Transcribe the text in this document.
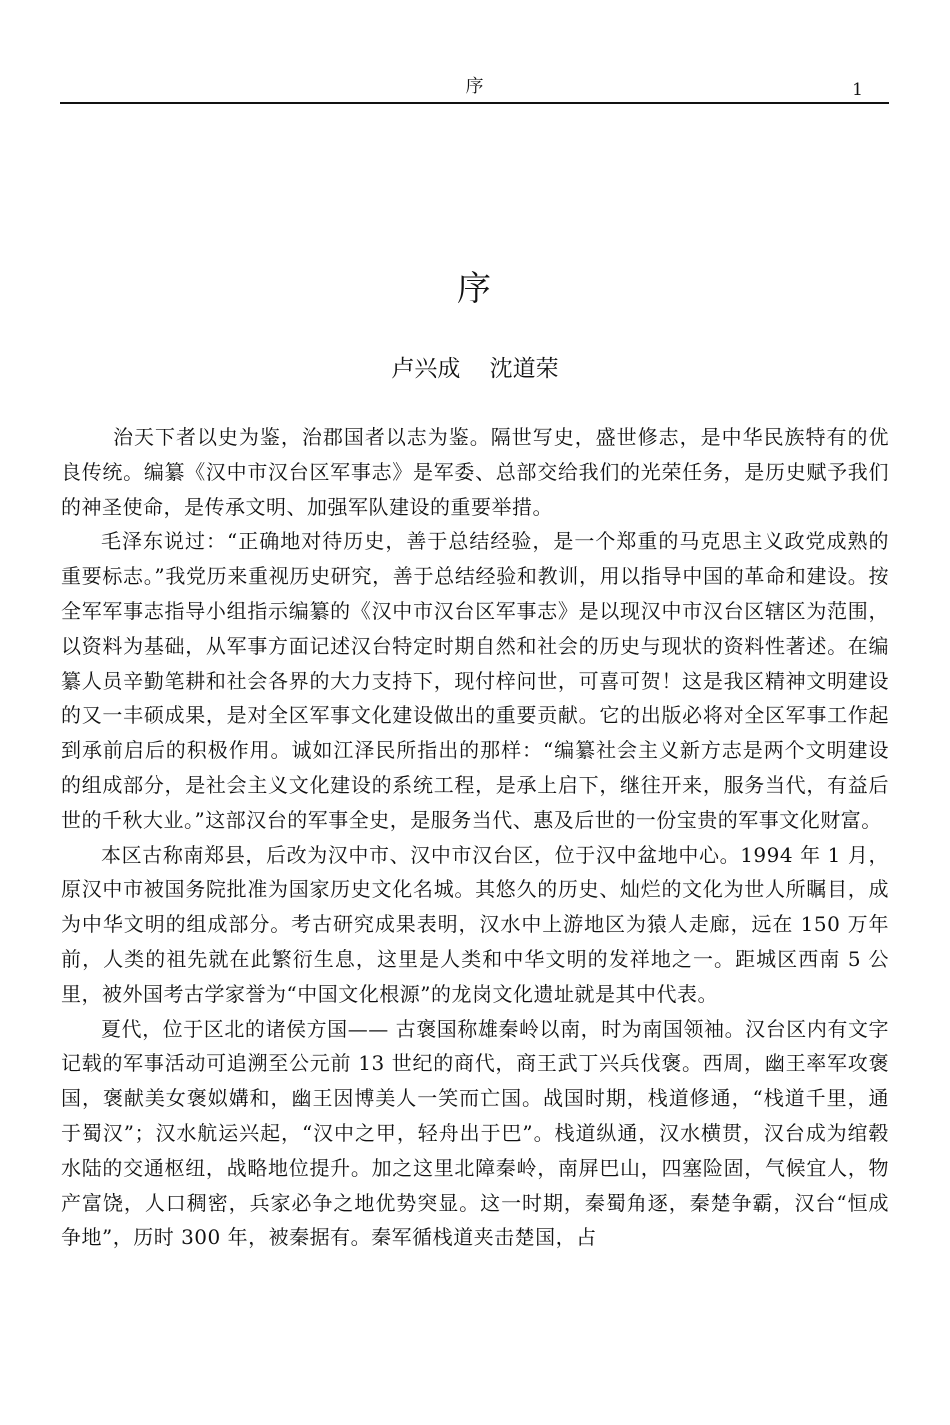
序	1
序
卢兴成    沈道荣

治天下者以史为鉴，治郡国者以志为鉴。隔世写史，盛世修志，是中华民族特有的优良传统。编纂《汉中市汉台区军事志》是军委、总部交给我们的光荣任务，是历史赋予我们的神圣使命，是传承文明、加强军队建设的重要举措。

毛泽东说过：“正确地对待历史，善于总结经验，是一个郑重的马克思主义政党成熟的重要标志。”我党历来重视历史研究，善于总结经验和教训，用以指导中国的革命和建设。按全军军事志指导小组指示编纂的《汉中市汉台区军事志》是以现汉中市汉台区辖区为范围，以资料为基础，从军事方面记述汉台特定时期自然和社会的历史与现状的资料性著述。在编纂人员辛勤笔耕和社会各界的大力支持下，现付梓问世，可喜可贺！这是我区精神文明建设的又一丰硕成果，是对全区军事文化建设做出的重要贡献。它的出版必将对全区军事工作起到承前启后的积极作用。诚如江泽民所指出的那样：“编纂社会主义新方志是两个文明建设的组成部分，是社会主义文化建设的系统工程，是承上启下，继往开来，服务当代，有益后世的千秋大业。”这部汉台的军事全史，是服务当代、惠及后世的一份宝贵的军事文化财富。

本区古称南郑县，后改为汉中市、汉中市汉台区，位于汉中盆地中心。1994 年 1 月，原汉中市被国务院批准为国家历史文化名城。其悠久的历史、灿烂的文化为世人所瞩目，成为中华文明的组成部分。考古研究成果表明，汉水中上游地区为猿人走廊，远在 150 万年前，人类的祖先就在此繁衍生息，这里是人类和中华文明的发祥地之一。距城区西南 5 公里，被外国考古学家誉为“中国文化根源”的龙岗文化遗址就是其中代表。

夏代，位于区北的诸侯方国—— 古褒国称雄秦岭以南，时为南国领袖。汉台区内有文字记载的军事活动可追溯至公元前 13 世纪的商代，商王武丁兴兵伐褒。西周，幽王率军攻褒国，褒献美女褒姒媾和，幽王因博美人一笑而亡国。战国时期，栈道修通，“栈道千里，通于蜀汉”；汉水航运兴起，“汉中之甲，轻舟出于巴”。栈道纵通，汉水横贯，汉台成为绾毂水陆的交通枢纽，战略地位提升。加之这里北障秦岭，南屏巴山，四塞险固，气候宜人，物产富饶，人口稠密，兵家必争之地优势突显。这一时期，秦蜀角逐，秦楚争霸，汉台“恒成争地”，历时 300 年，被秦据有。秦军循栈道夹击楚国，占
